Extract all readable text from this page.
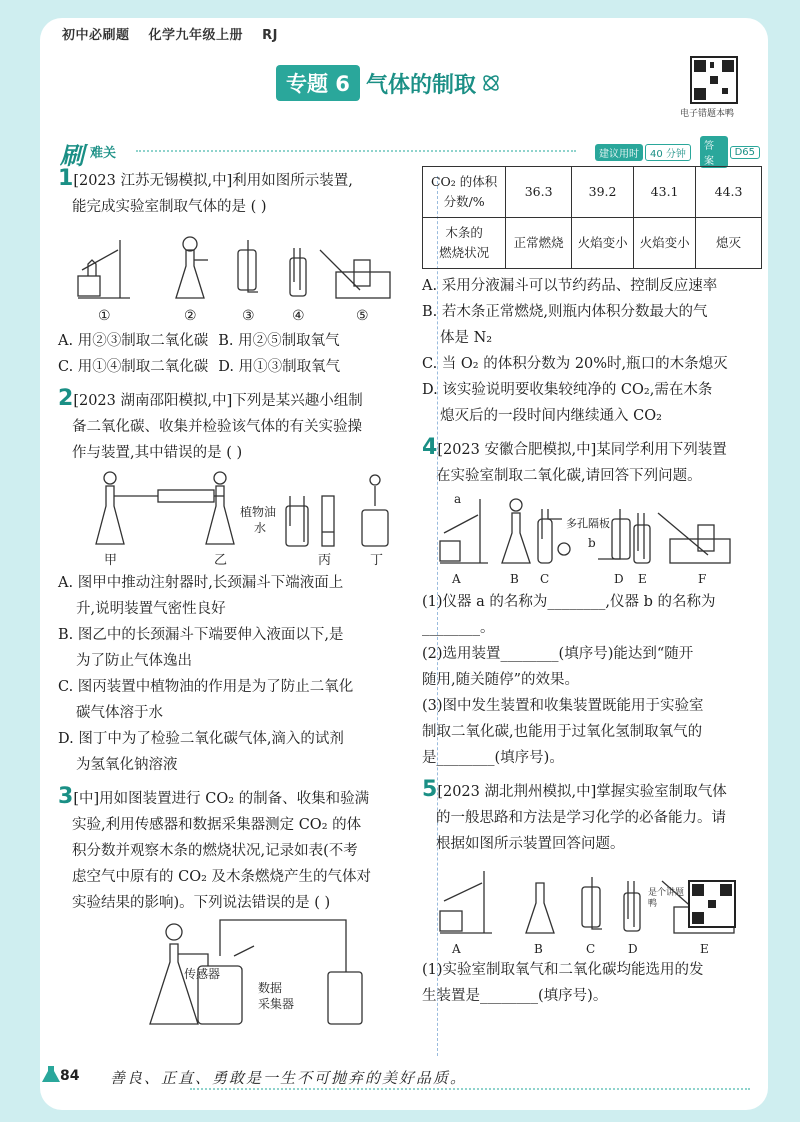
初中必刷题 化学九年级上册 RJ
专题 6 气体的制取
电子错题本鸭
刷 难关	建议用时	40 分钟
答案
D65

1[2023 江苏无锡模拟,中]利用如图所示装置,

能完成实验室制取气体的是 ( )

①	②	③	④	⑤

A. 用②③制取二氧化碳 B. 用②⑤制取氧气

C. 用①④制取二氧化碳 D. 用①③制取氧气

2[2023 湖南邵阳模拟,中]下列是某兴趣小组制

备二氧化碳、收集并检验该气体的有关实验操

作与装置,其中错误的是 ( )

植物油
水
甲	乙	丙	丁

A. 图甲中推动注射器时,长颈漏斗下端液面上

升,说明装置气密性良好

B. 图乙中的长颈漏斗下端要伸入液面以下,是

为了防止气体逸出

C. 图丙装置中植物油的作用是为了防止二氧化

碳气体溶于水

D. 图丁中为了检验二氧化碳气体,滴入的试剂

为氢氧化钠溶液

3[中]用如图装置进行 CO₂ 的制备、收集和验满

实验,利用传感器和数据采集器测定 CO₂ 的体

积分数并观察木条的燃烧状况,记录如表(不考

虑空气中原有的 CO₂ 及木条燃烧产生的气体对

实验结果的影响)。下列说法错误的是 ( )

传感器
数据
采集器
CO₂ 的体积
分数/%	36.3	39.2	43.1	44.3
木条的
燃烧状况	正常燃烧	火焰变小	火焰变小	熄灭

A. 采用分液漏斗可以节约药品、控制反应速率

B. 若木条正常燃烧,则瓶内体积分数最大的气

体是 N₂

C. 当 O₂ 的体积分数为 20%时,瓶口的木条熄灭

D. 该实验说明要收集较纯净的 CO₂,需在木条

熄灭后的一段时间内继续通入 CO₂

4[2023 安徽合肥模拟,中]某同学利用下列装置

在实验室制取二氧化碳,请回答下列问题。

a
b
多孔隔板
A	B C	D E	F

(1)仪器 a 的名称为________,仪器 b 的名称为

________。

(2)选用装置________(填序号)能达到“随开

随用,随关随停”的效果。

(3)图中发生装置和收集装置既能用于实验室

制取二氧化碳,也能用于过氧化氢制取氧气的

是________(填序号)。

5[2023 湖北荆州模拟,中]掌握实验室制取气体

的一般思路和方法是学习化学的必备能力。请

根据如图所示装置回答问题。

A	B	C	D	E

(1)实验室制取氧气和二氧化碳均能选用的发

生装置是________(填序号)。

是个讲题鸭
84 善良、正直、勇敢是一生不可抛弃的美好品质。
